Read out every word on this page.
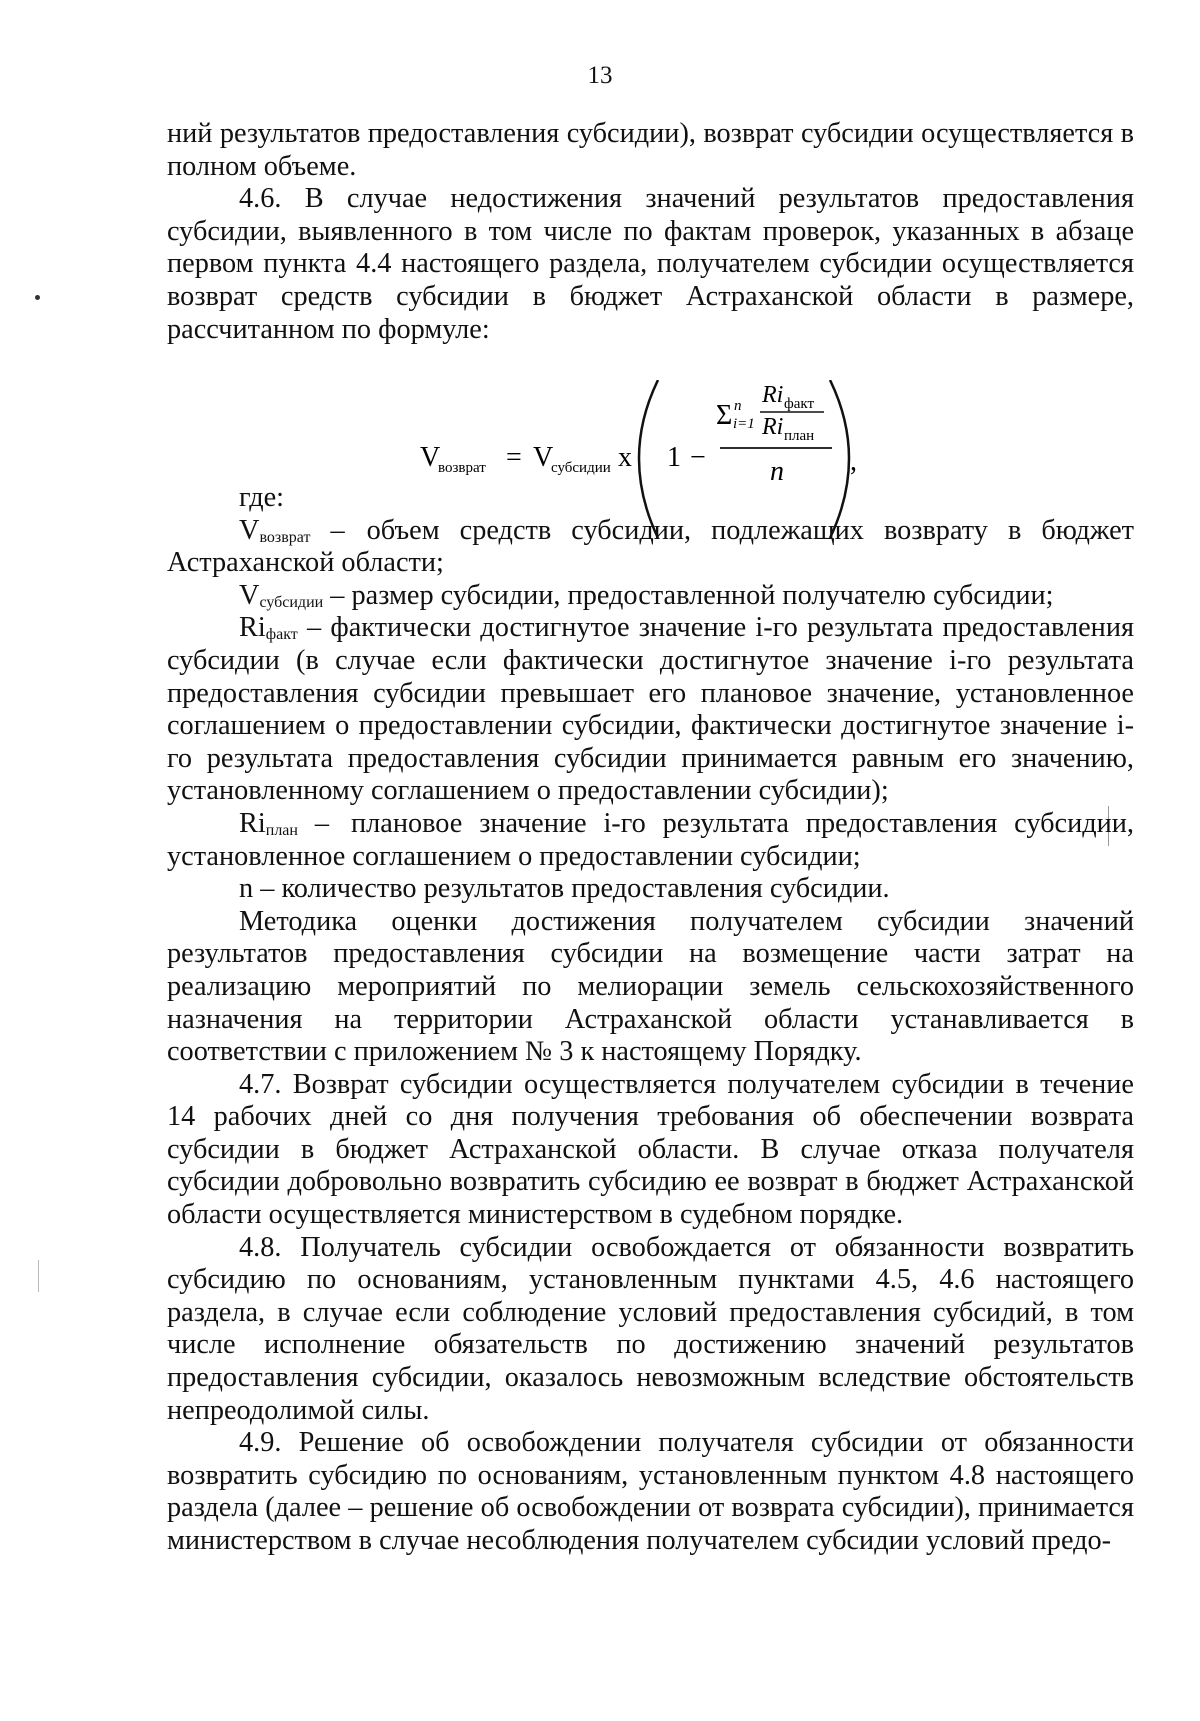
13

ний результатов предоставления субсидии), возврат субсидии осуществляется в полном объеме.

4.6. В случае недостижения значений результатов предоставления субсидии, выявленного в том числе по фактам проверок, указанных в абзаце первом пункта 4.4 настоящего раздела, получателем субсидии осуществляется возврат средств субсидии в бюджет Астраханской области в размере, рассчитанном по формуле:

V
возврат = V
субсидии x 1 −
Σ n
i=1
Ri факт
Ri план
n ,

где:

$V_{возврат}$ – объем средств субсидии, подлежащих возврату в бюджет Астраханской области;

$V_{субсидии}$ – размер субсидии, предоставленной получателю субсидии;

$Ri_{факт}$ – фактически достигнутое значение i-го результата предоставления субсидии (в случае если фактически достигнутое значение i-го результата предоставления субсидии превышает его плановое значение, установленное соглашением о предоставлении субсидии, фактически достигнутое значение i-го результата предоставления субсидии принимается равным его значению, установленному соглашением о предоставлении субсидии);

$Ri_{план}$ – плановое значение i-го результата предоставления субсидии, установленное соглашением о предоставлении субсидии;

n – количество результатов предоставления субсидии.

Методика оценки достижения получателем субсидии значений результатов предоставления субсидии на возмещение части затрат на реализацию мероприятий по мелиорации земель сельскохозяйственного назначения на территории Астраханской области устанавливается в соответствии с приложением № 3 к настоящему Порядку.

4.7. Возврат субсидии осуществляется получателем субсидии в течение 14 рабочих дней со дня получения требования об обеспечении возврата субсидии в бюджет Астраханской области. В случае отказа получателя субсидии добровольно возвратить субсидию ее возврат в бюджет Астраханской области осуществляется министерством в судебном порядке.

4.8. Получатель субсидии освобождается от обязанности возвратить субсидию по основаниям, установленным пунктами 4.5, 4.6 настоящего раздела, в случае если соблюдение условий предоставления субсидий, в том числе исполнение обязательств по достижению значений результатов предоставления субсидии, оказалось невозможным вследствие обстоятельств непреодолимой силы.

4.9. Решение об освобождении получателя субсидии от обязанности возвратить субсидию по основаниям, установленным пунктом 4.8 настоящего раздела (далее – решение об освобождении от возврата субсидии), принимается министерством в случае несоблюдения получателем субсидии условий предо-
